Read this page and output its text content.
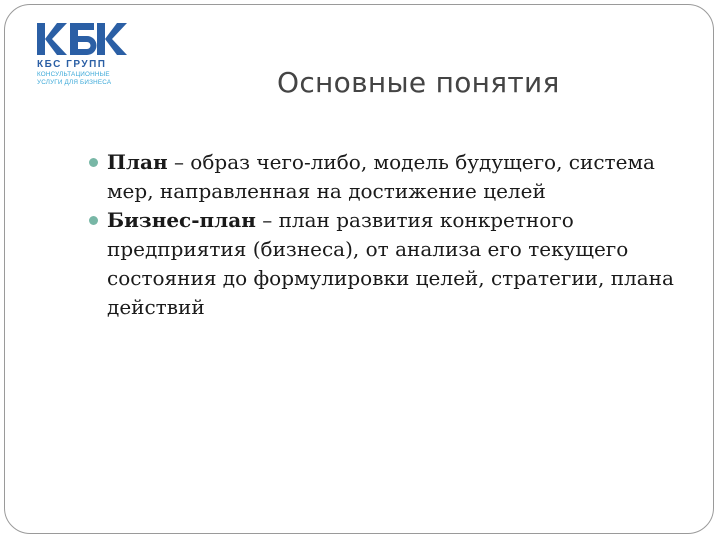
КБС ГРУПП
КОНСУЛЬТАЦИОННЫЕ
УСЛУГИ ДЛЯ БИЗНЕСА	Основные понятия
План – образ чего-либо, модель будущего, система мер, направленная на достижение целей
Бизнес-план – план развития конкретного предприятия (бизнеса), от анализа его текущего состояния до формулировки целей, стратегии, плана действий
